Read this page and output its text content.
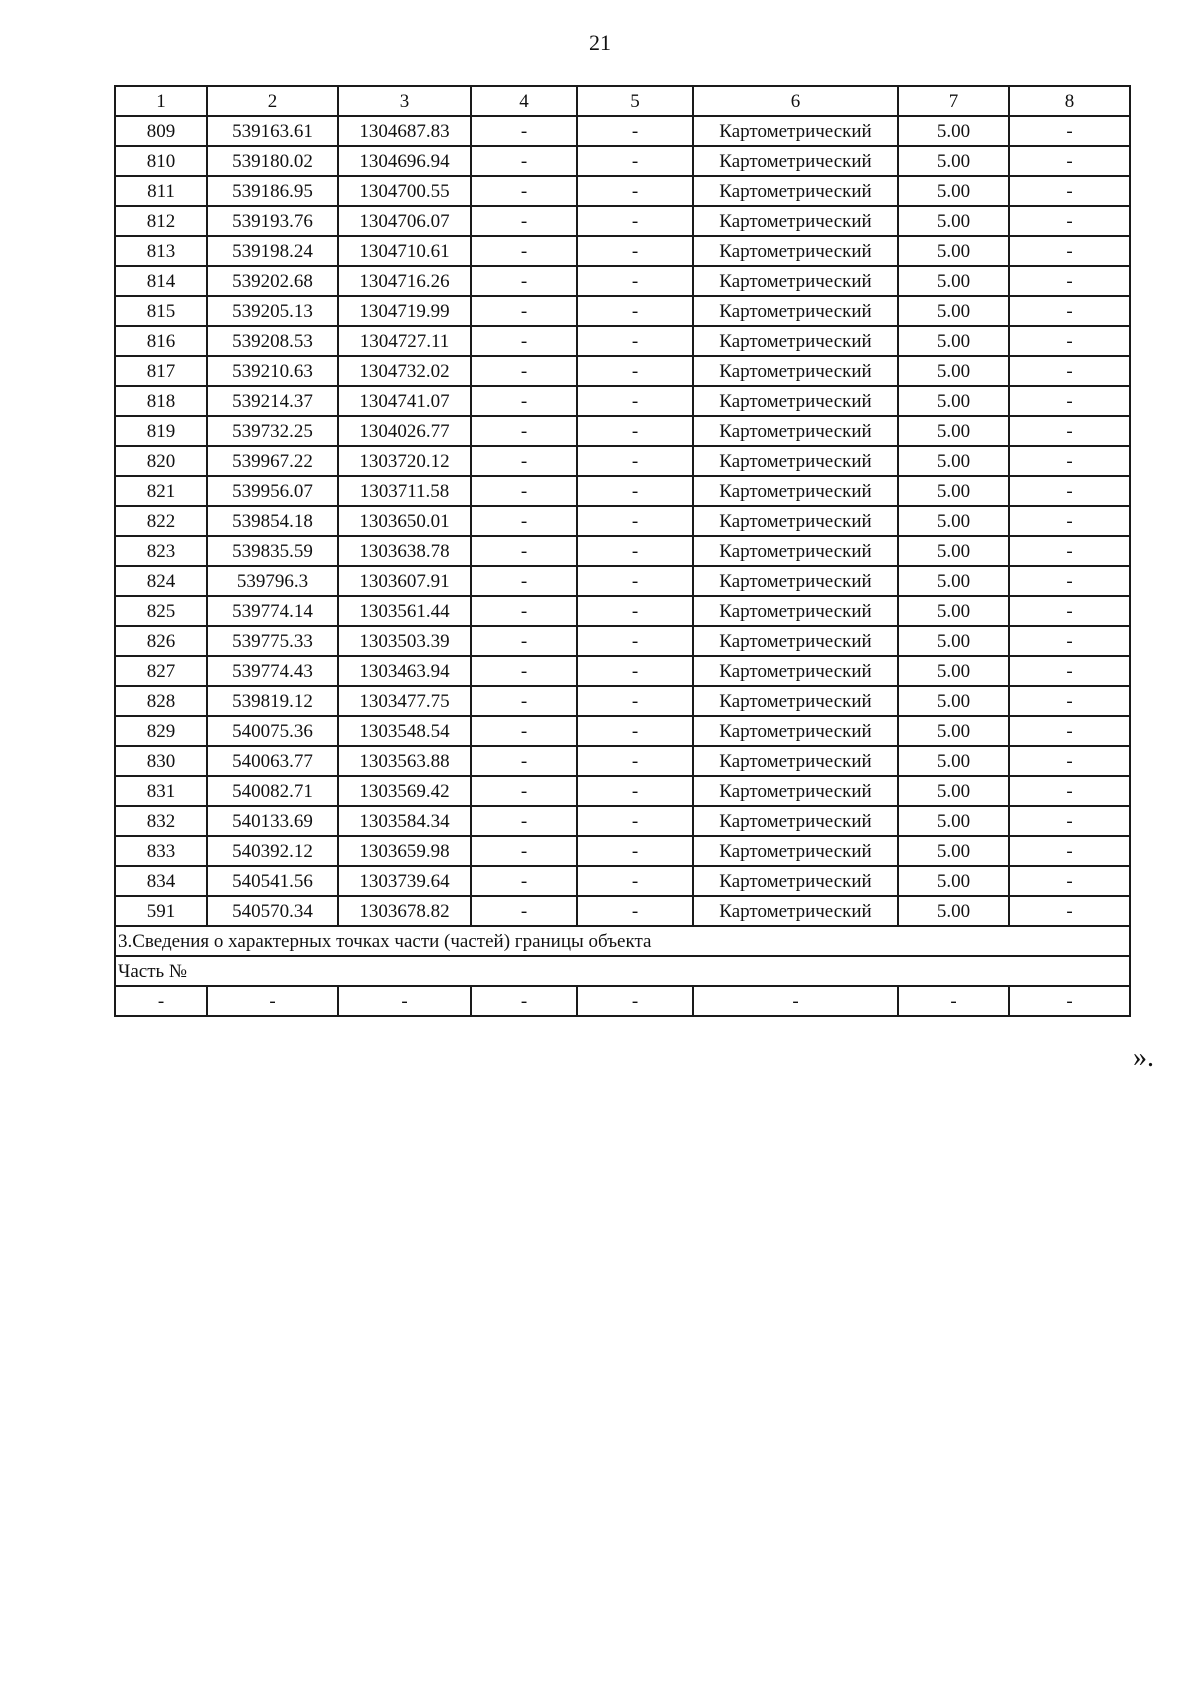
21
1	2	3	4	5	6	7	8
809	539163.61	1304687.83	-	-	Картометрический	5.00	-
810	539180.02	1304696.94	-	-	Картометрический	5.00	-
811	539186.95	1304700.55	-	-	Картометрический	5.00	-
812	539193.76	1304706.07	-	-	Картометрический	5.00	-
813	539198.24	1304710.61	-	-	Картометрический	5.00	-
814	539202.68	1304716.26	-	-	Картометрический	5.00	-
815	539205.13	1304719.99	-	-	Картометрический	5.00	-
816	539208.53	1304727.11	-	-	Картометрический	5.00	-
817	539210.63	1304732.02	-	-	Картометрический	5.00	-
818	539214.37	1304741.07	-	-	Картометрический	5.00	-
819	539732.25	1304026.77	-	-	Картометрический	5.00	-
820	539967.22	1303720.12	-	-	Картометрический	5.00	-
821	539956.07	1303711.58	-	-	Картометрический	5.00	-
822	539854.18	1303650.01	-	-	Картометрический	5.00	-
823	539835.59	1303638.78	-	-	Картометрический	5.00	-
824	539796.3	1303607.91	-	-	Картометрический	5.00	-
825	539774.14	1303561.44	-	-	Картометрический	5.00	-
826	539775.33	1303503.39	-	-	Картометрический	5.00	-
827	539774.43	1303463.94	-	-	Картометрический	5.00	-
828	539819.12	1303477.75	-	-	Картометрический	5.00	-
829	540075.36	1303548.54	-	-	Картометрический	5.00	-
830	540063.77	1303563.88	-	-	Картометрический	5.00	-
831	540082.71	1303569.42	-	-	Картометрический	5.00	-
832	540133.69	1303584.34	-	-	Картометрический	5.00	-
833	540392.12	1303659.98	-	-	Картометрический	5.00	-
834	540541.56	1303739.64	-	-	Картометрический	5.00	-
591	540570.34	1303678.82	-	-	Картометрический	5.00	-
3.Сведения о характерных точках части (частей) границы объекта							
Часть №							
-	-	-	-	-	-	-	-
».
